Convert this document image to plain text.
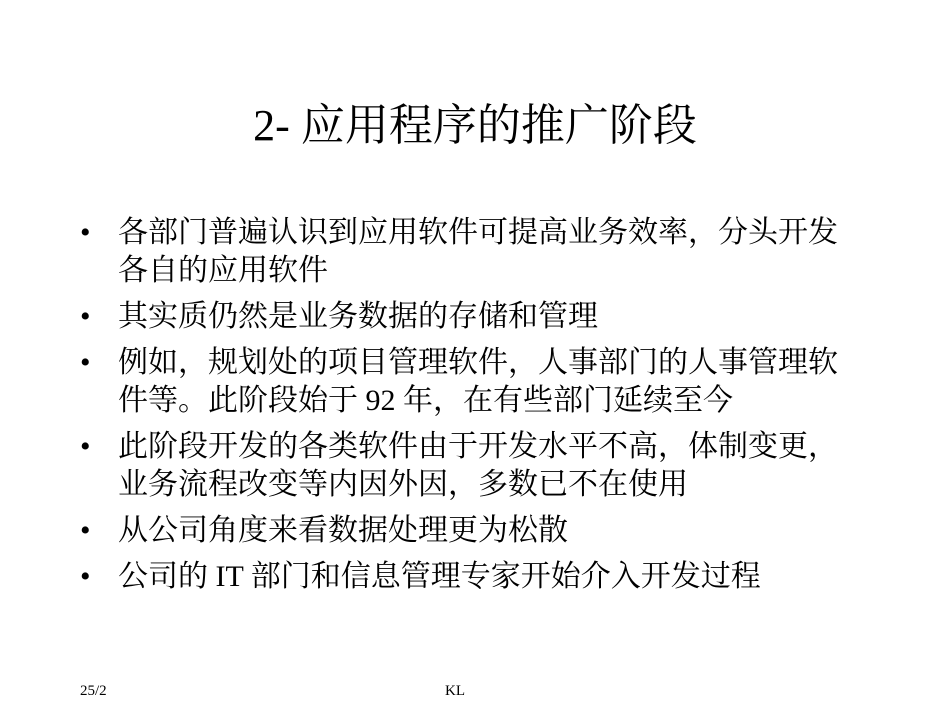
2- 应用程序的推广阶段
• 各部门普遍认识到应用软件可提高业务效率，分头开发各自的应用软件
• 其实质仍然是业务数据的存储和管理
• 例如，规划处的项目管理软件，人事部门的人事管理软件等。此阶段始于 92 年，在有些部门延续至今
• 此阶段开发的各类软件由于开发水平不高，体制变更，业务流程改变等内因外因，多数已不在使用
• 从公司角度来看数据处理更为松散
• 公司的 IT 部门和信息管理专家开始介入开发过程
25/2	KL
